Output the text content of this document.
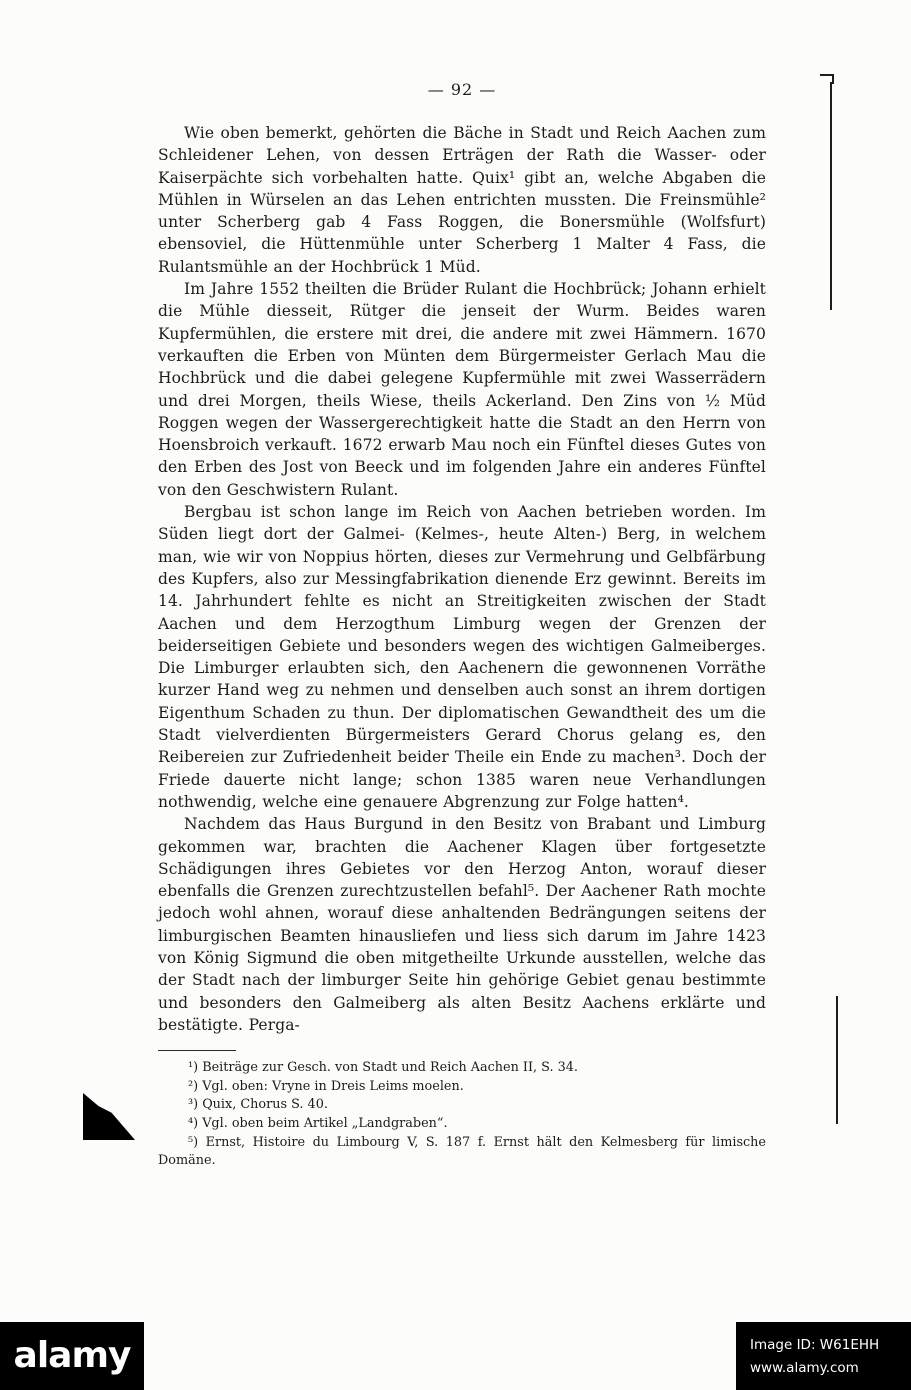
— 92 —

Wie oben bemerkt, gehörten die Bäche in Stadt und Reich Aachen zum Schleidener Lehen, von dessen Erträgen der Rath die Wasser- oder Kaiserpächte sich vorbehalten hatte. Quix¹ gibt an, welche Abgaben die Mühlen in Würselen an das Lehen entrichten mussten. Die Freinsmühle² unter Scherberg gab 4 Fass Roggen, die Bonersmühle (Wolfsfurt) ebensoviel, die Hüttenmühle unter Scherberg 1 Malter 4 Fass, die Rulantsmühle an der Hochbrück 1 Müd.

Im Jahre 1552 theilten die Brüder Rulant die Hochbrück; Johann erhielt die Mühle diesseit, Rütger die jenseit der Wurm. Beides waren Kupfermühlen, die erstere mit drei, die andere mit zwei Hämmern. 1670 verkauften die Erben von Münten dem Bürgermeister Gerlach Mau die Hochbrück und die dabei gelegene Kupfermühle mit zwei Wasserrädern und drei Morgen, theils Wiese, theils Ackerland. Den Zins von ½ Müd Roggen wegen der Wassergerechtigkeit hatte die Stadt an den Herrn von Hoensbroich verkauft. 1672 erwarb Mau noch ein Fünftel dieses Gutes von den Erben des Jost von Beeck und im folgenden Jahre ein anderes Fünftel von den Geschwistern Rulant.

Bergbau ist schon lange im Reich von Aachen betrieben worden. Im Süden liegt dort der Galmei- (Kelmes-, heute Alten-) Berg, in welchem man, wie wir von Noppius hörten, dieses zur Vermehrung und Gelbfärbung des Kupfers, also zur Messingfabrikation dienende Erz gewinnt. Bereits im 14. Jahrhundert fehlte es nicht an Streitigkeiten zwischen der Stadt Aachen und dem Herzogthum Limburg wegen der Grenzen der beiderseitigen Gebiete und besonders wegen des wichtigen Galmeiberges. Die Limburger erlaubten sich, den Aachenern die gewonnenen Vorräthe kurzer Hand weg zu nehmen und denselben auch sonst an ihrem dortigen Eigenthum Schaden zu thun. Der diplomatischen Gewandtheit des um die Stadt vielverdienten Bürgermeisters Gerard Chorus gelang es, den Reibereien zur Zufriedenheit beider Theile ein Ende zu machen³. Doch der Friede dauerte nicht lange; schon 1385 waren neue Verhandlungen nothwendig, welche eine genauere Abgrenzung zur Folge hatten⁴.

Nachdem das Haus Burgund in den Besitz von Brabant und Limburg gekommen war, brachten die Aachener Klagen über fortgesetzte Schädigungen ihres Gebietes vor den Herzog Anton, worauf dieser ebenfalls die Grenzen zurechtzustellen befahl⁵. Der Aachener Rath mochte jedoch wohl ahnen, worauf diese anhaltenden Bedrängungen seitens der limburgischen Beamten hinausliefen und liess sich darum im Jahre 1423 von König Sigmund die oben mitgetheilte Urkunde ausstellen, welche das der Stadt nach der limburger Seite hin gehörige Gebiet genau bestimmte und besonders den Galmeiberg als alten Besitz Aachens erklärte und bestätigte. Perga-

¹) Beiträge zur Gesch. von Stadt und Reich Aachen II, S. 34.

²) Vgl. oben: Vryne in Dreis Leims moelen.

³) Quix, Chorus S. 40.

⁴) Vgl. oben beim Artikel „Landgraben“.

⁵) Ernst, Histoire du Limbourg V, S. 187 f. Ernst hält den Kelmesberg für limische Domäne.

alamy	Image ID: W61EHH
www.alamy.com
